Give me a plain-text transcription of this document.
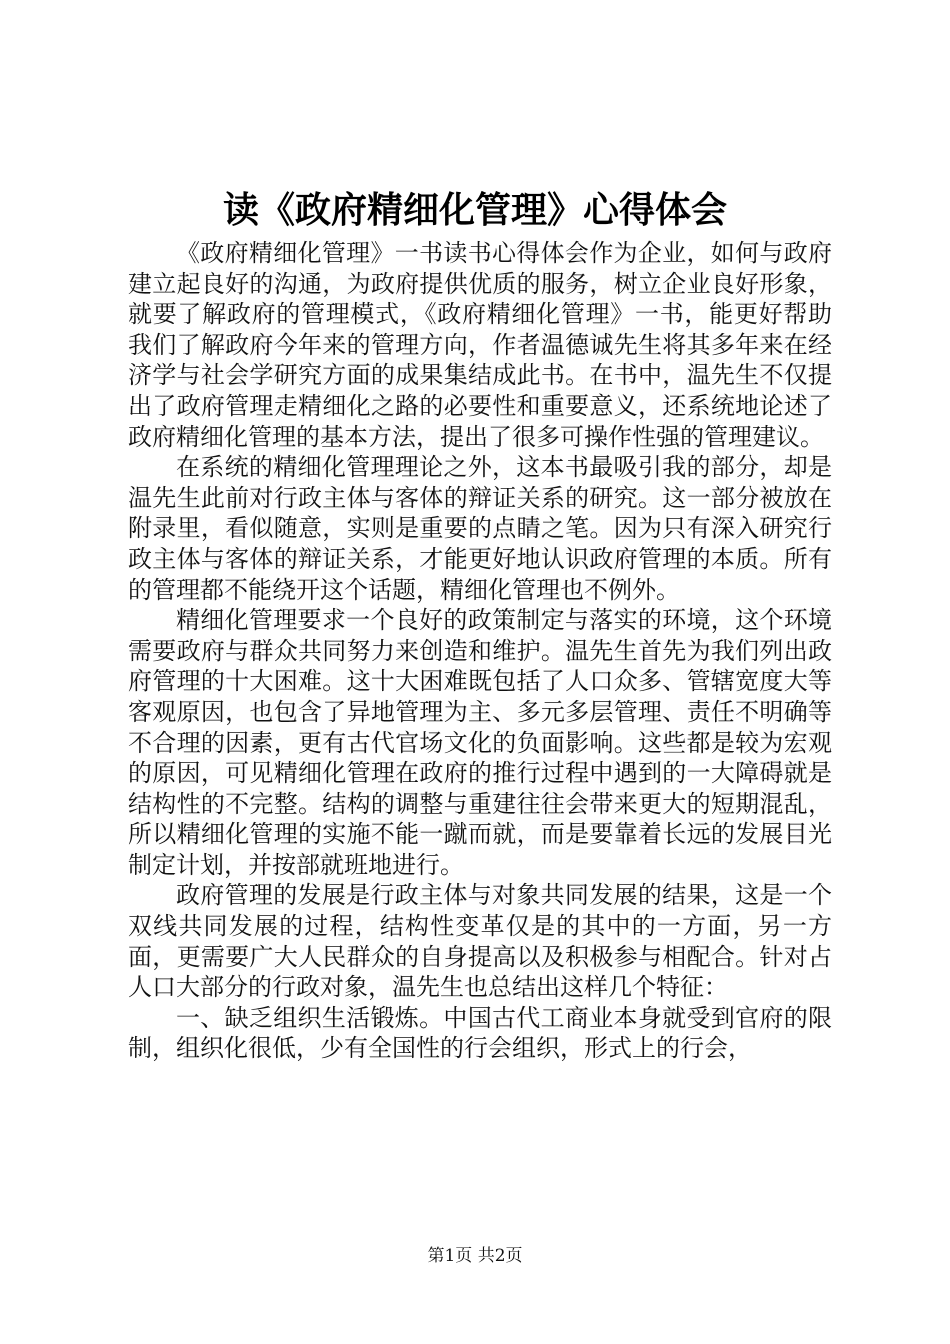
读《政府精细化管理》心得体会

《政府精细化管理》一书读书心得体会作为企业，如何与政府建立起良好的沟通，为政府提供优质的服务，树立企业良好形象，就要了解政府的管理模式，《政府精细化管理》一书，能更好帮助我们了解政府今年来的管理方向，作者温德诚先生将其多年来在经济学与社会学研究方面的成果集结成此书。在书中，温先生不仅提出了政府管理走精细化之路的必要性和重要意义，还系统地论述了政府精细化管理的基本方法，提出了很多可操作性强的管理建议。

在系统的精细化管理理论之外，这本书最吸引我的部分，却是温先生此前对行政主体与客体的辩证关系的研究。这一部分被放在附录里，看似随意，实则是重要的点睛之笔。因为只有深入研究行政主体与客体的辩证关系，才能更好地认识政府管理的本质。所有的管理都不能绕开这个话题，精细化管理也不例外。

精细化管理要求一个良好的政策制定与落实的环境，这个环境需要政府与群众共同努力来创造和维护。温先生首先为我们列出政府管理的十大困难。这十大困难既包括了人口众多、管辖宽度大等客观原因，也包含了异地管理为主、多元多层管理、责任不明确等不合理的因素，更有古代官场文化的负面影响。这些都是较为宏观的原因，可见精细化管理在政府的推行过程中遇到的一大障碍就是结构性的不完整。结构的调整与重建往往会带来更大的短期混乱，所以精细化管理的实施不能一蹴而就，而是要靠着长远的发展目光制定计划，并按部就班地进行。

政府管理的发展是行政主体与对象共同发展的结果，这是一个双线共同发展的过程，结构性变革仅是的其中的一方面，另一方面，更需要广大人民群众的自身提高以及积极参与相配合。针对占人口大部分的行政对象，温先生也总结出这样几个特征：

一、缺乏组织生活锻炼。中国古代工商业本身就受到官府的限制，组织化很低，少有全国性的行会组织，形式上的行会，

第1页 共2页
